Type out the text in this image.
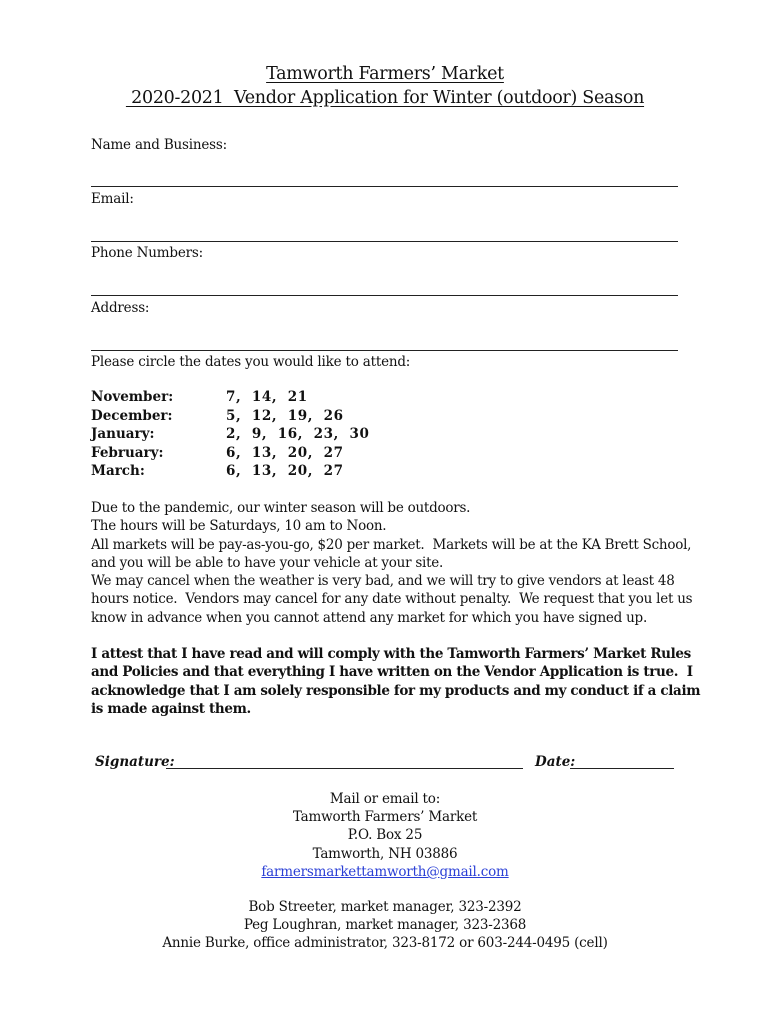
Tamworth Farmers’ Market
2020-2021  Vendor Application for Winter (outdoor) Season
Name and Business:
Email:
Phone Numbers:
Address:
Please circle the dates you would like to attend:
November:	7,  14,  21
December:	5,  12,  19,  26
January:	2,  9,  16,  23,  30
February:	6,  13,  20,  27
March:	6,  13,  20,  27
Due to the pandemic, our winter season will be outdoors.
The hours will be Saturdays, 10 am to Noon.
All markets will be pay-as-you-go, $20 per market.  Markets will be at the KA Brett School,
and you will be able to have your vehicle at your site.
We may cancel when the weather is very bad, and we will try to give vendors at least 48
hours notice.  Vendors may cancel for any date without penalty.  We request that you let us
know in advance when you cannot attend any market for which you have signed up.
I attest that I have read and will comply with the Tamworth Farmers’ Market Rules
and Policies and that everything I have written on the Vendor Application is true.  I
acknowledge that I am solely responsible for my products and my conduct if a claim
is made against them.
Signature:	Date:
Mail or email to:
Tamworth Farmers’ Market
P.O. Box 25
Tamworth, NH 03886
farmersmarkettamworth@gmail.com
Bob Streeter, market manager, 323-2392
Peg Loughran, market manager, 323-2368
Annie Burke, office administrator, 323-8172 or 603-244-0495 (cell)
